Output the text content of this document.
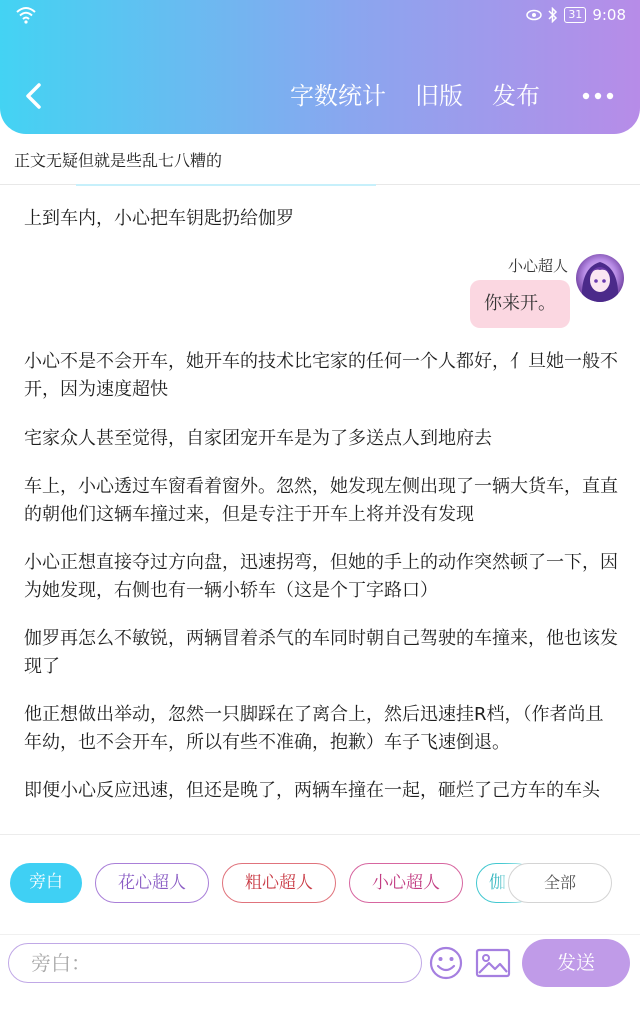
31 9:08
字数统计 旧版 发布
正文无疑但就是些乱七八糟的
上到车内，小心把车钥匙扔给伽罗
小心超人
你来开。
小心不是不会开车，她开车的技术比宅家的任何一个人都好，亻旦她一般不开，因为速度超快
宅家众人甚至觉得，自家团宠开车是为了多送点人到地府去
车上，小心透过车窗看着窗外。忽然，她发现左侧出现了一辆大货车，直直的朝他们这辆车撞过来，但是专注于开车上将并没有发现
小心正想直接夺过方向盘，迅速拐弯，但她的手上的动作突然顿了一下，因为她发现，右侧也有一辆小轿车（这是个丁字路口）
伽罗再怎么不敏锐，两辆冒着杀气的车同时朝自己驾驶的车撞来，他也该发现了
他正想做出举动，忽然一只脚踩在了离合上，然后迅速挂R档，（作者尚且年幼，也不会开车，所以有些不准确，抱歉）车子飞速倒退。
即便小心反应迅速，但还是晚了，两辆车撞在一起，砸烂了己方车的车头
旁白	花心超人	粗心超人	小心超人	伽	全部
旁白：
发送
